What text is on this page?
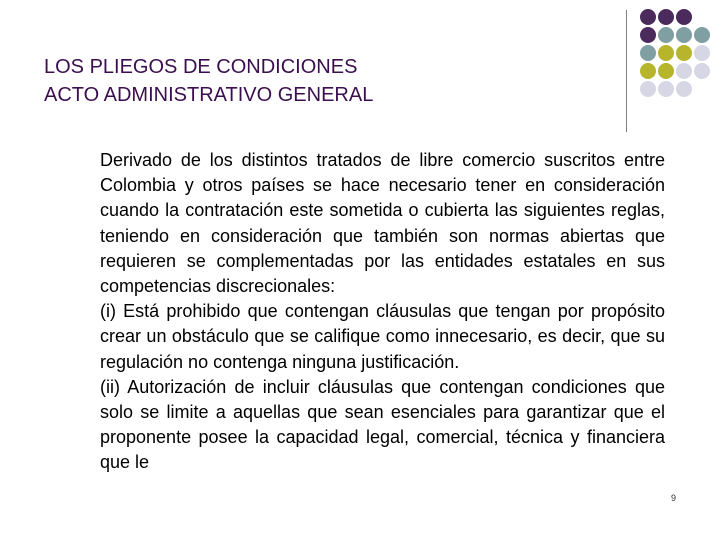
LOS PLIEGOS DE CONDICIONES
ACTO ADMINISTRATIVO GENERAL

Derivado de los distintos tratados de libre comercio suscritos entre Colombia y otros países se hace necesario tener en consideración cuando la contratación este sometida o cubierta las siguientes reglas, teniendo en consideración que también son normas abiertas que requieren se complementadas por las entidades estatales en sus competencias discrecionales:

(i) Está prohibido que contengan cláusulas que tengan por propósito crear un obstáculo que se califique como innecesario, es decir, que su regulación no contenga ninguna justificación.

(ii) Autorización de incluir cláusulas que contengan condiciones que solo se limite a aquellas que sean esenciales para garantizar que el proponente posee la capacidad legal, comercial, técnica y financiera que le

9
